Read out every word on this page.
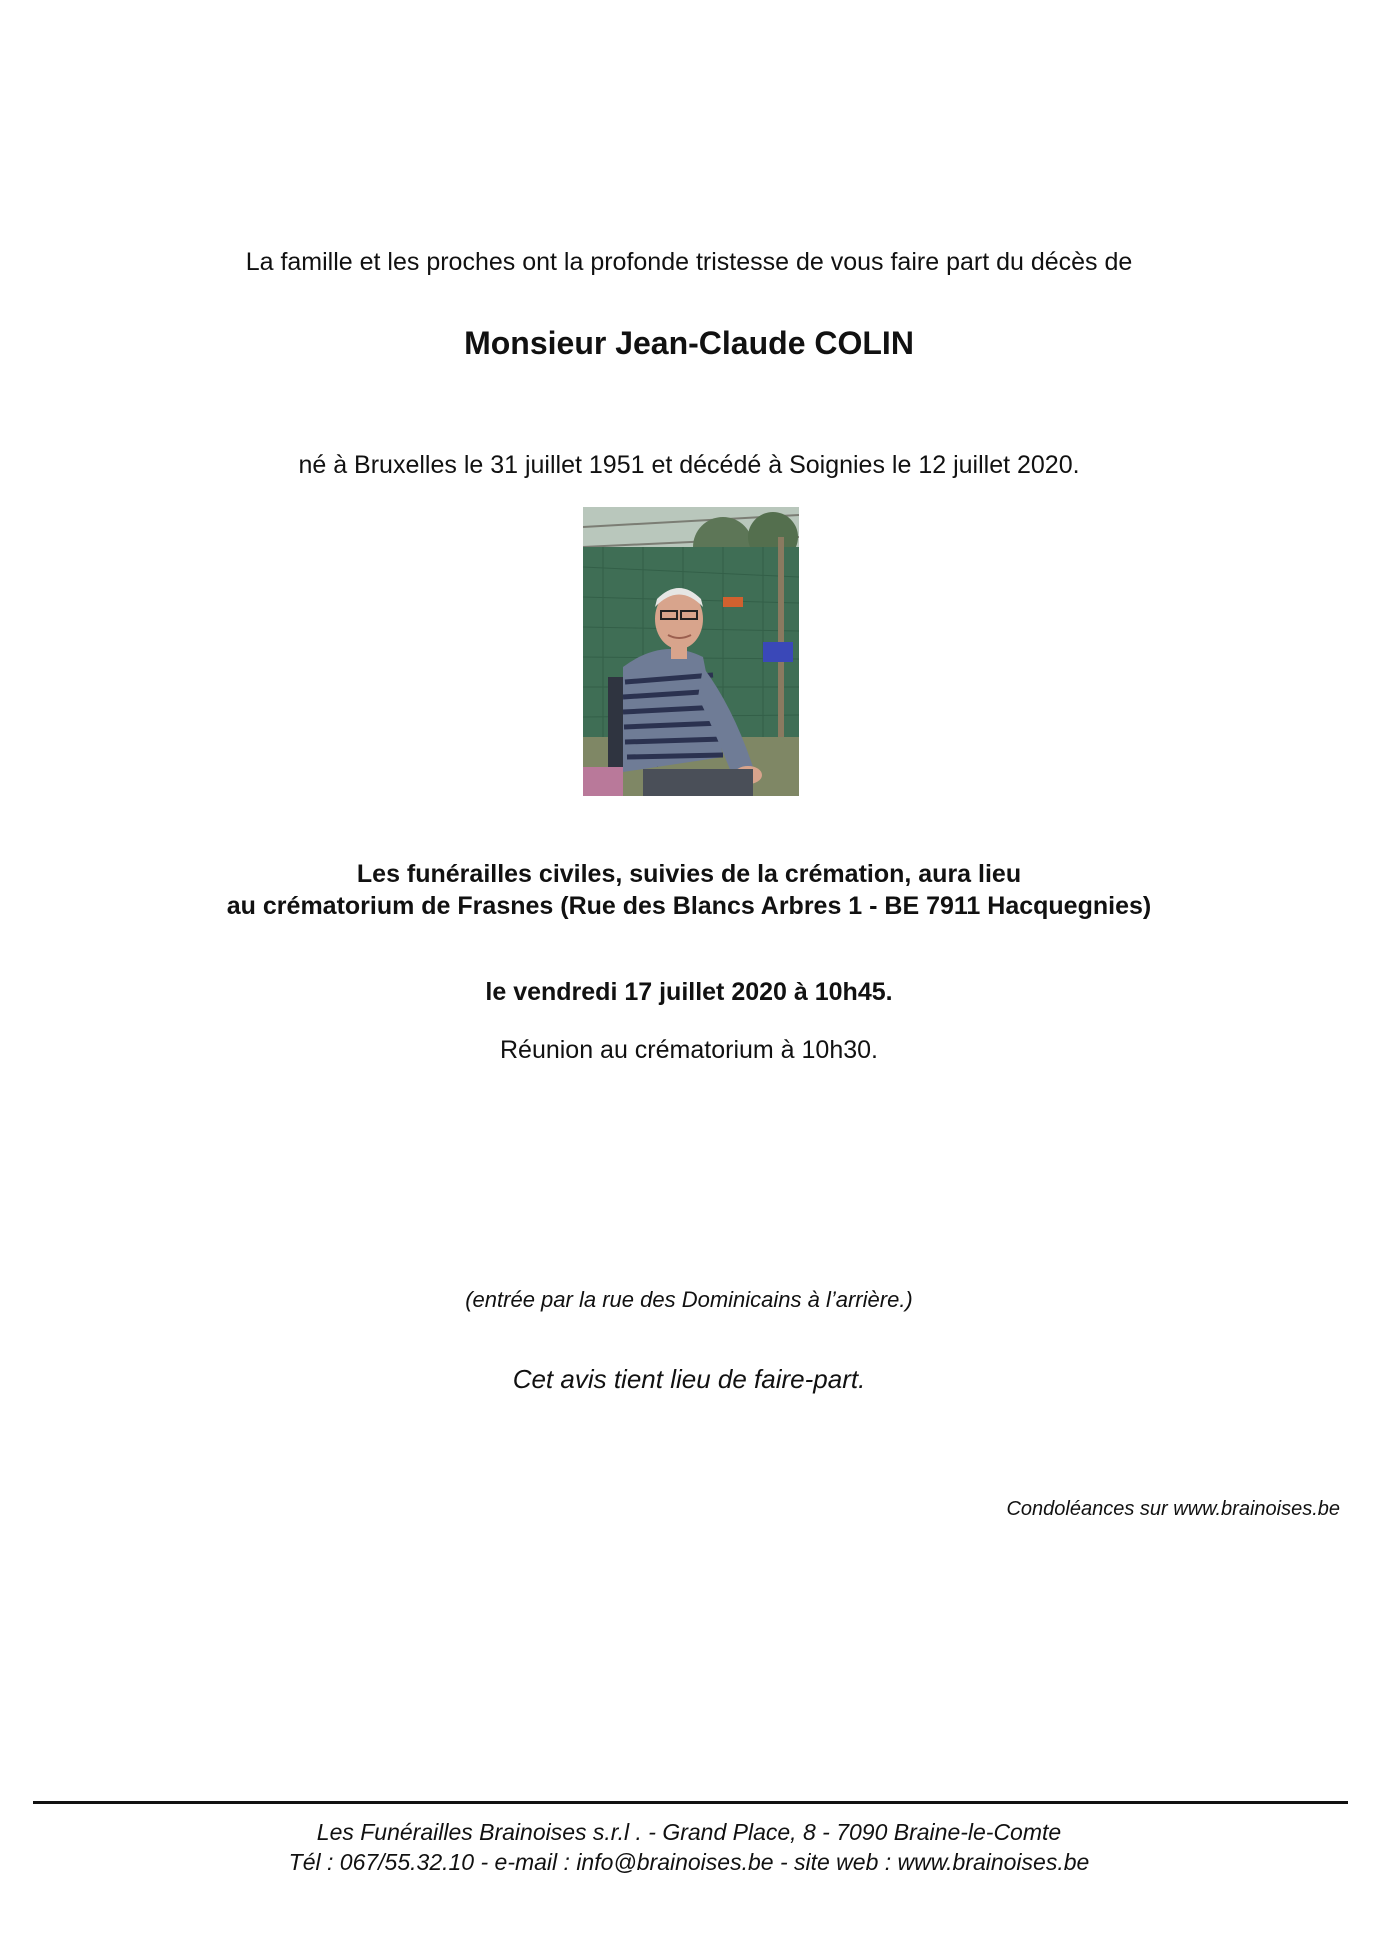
La famille et les proches ont la profonde tristesse de vous faire part du décès de
Monsieur Jean-Claude COLIN
né à Bruxelles le 31 juillet 1951 et décédé à Soignies le 12 juillet 2020.
Les funérailles civiles, suivies de la crémation, aura lieu
au crématorium de Frasnes (Rue des Blancs Arbres 1 - BE 7911 Hacquegnies)
le vendredi 17 juillet 2020 à 10h45.
Réunion au crématorium à 10h30.
(entrée par la rue des Dominicains à l’arrière.)
Cet avis tient lieu de faire-part.
Condoléances sur www.brainoises.be
Les Funérailles Brainoises s.r.l . - Grand Place, 8 - 7090 Braine-le-Comte
Tél : 067/55.32.10 - e-mail : info@brainoises.be - site web : www.brainoises.be
